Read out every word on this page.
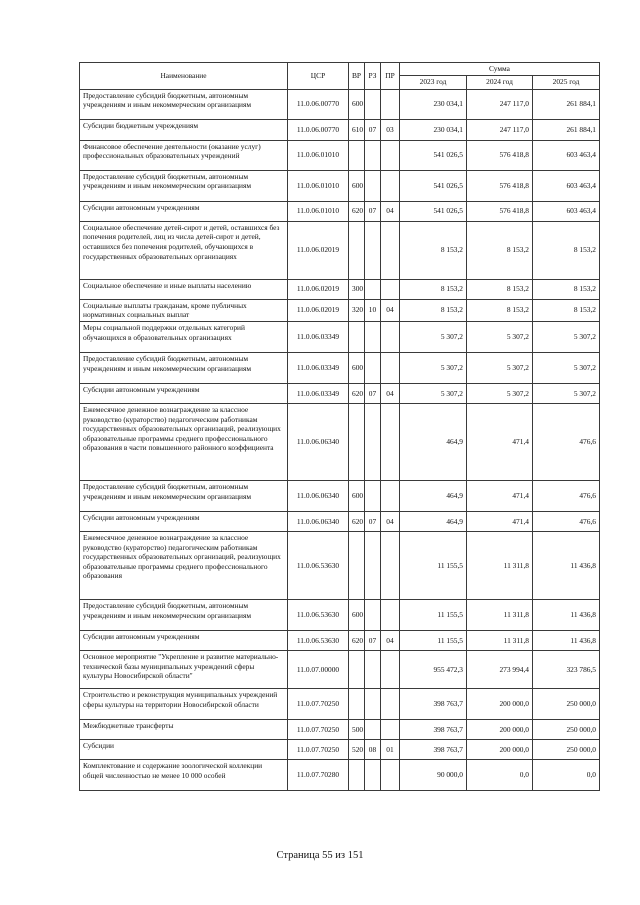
Наименование	ЦСР	ВР	РЗ	ПР	Сумма		
					2023 год	2024 год	2025 год
Предоставление субсидий бюджетным, автономным учреждениям и иным некоммерческим организациям	11.0.06.00770	600			230 034,1	247 117,0	261 884,1
Субсидии бюджетным учреждениям	11.0.06.00770	610	07	03	230 034,1	247 117,0	261 884,1
Финансовое обеспечение деятельности (оказание услуг) профессиональных образовательных учреждений	11.0.06.01010				541 026,5	576 418,8	603 463,4
Предоставление субсидий бюджетным, автономным учреждениям и иным некоммерческим организациям	11.0.06.01010	600			541 026,5	576 418,8	603 463,4
Субсидии автономным учреждениям	11.0.06.01010	620	07	04	541 026,5	576 418,8	603 463,4
Социальное обеспечение детей-сирот и детей, оставшихся без попечения родителей, лиц из числа детей-сирот и детей, оставшихся без попечения родителей, обучающихся в государственных образовательных организациях	11.0.06.02019				8 153,2	8 153,2	8 153,2
Социальное обеспечение и иные выплаты населению	11.0.06.02019	300			8 153,2	8 153,2	8 153,2
Социальные выплаты гражданам, кроме публичных нормативных социальных выплат	11.0.06.02019	320	10	04	8 153,2	8 153,2	8 153,2
Меры социальной поддержки отдельных категорий обучающихся в образовательных организациях	11.0.06.03349				5 307,2	5 307,2	5 307,2
Предоставление субсидий бюджетным, автономным учреждениям и иным некоммерческим организациям	11.0.06.03349	600			5 307,2	5 307,2	5 307,2
Субсидии автономным учреждениям	11.0.06.03349	620	07	04	5 307,2	5 307,2	5 307,2
Ежемесячное денежное вознаграждение за классное руководство (кураторство) педагогическим работникам государственных образовательных организаций, реализующих образовательные программы среднего профессионального образования в части повышенного районного коэффициента	11.0.06.06340				464,9	471,4	476,6
Предоставление субсидий бюджетным, автономным учреждениям и иным некоммерческим организациям	11.0.06.06340	600			464,9	471,4	476,6
Субсидии автономным учреждениям	11.0.06.06340	620	07	04	464,9	471,4	476,6
Ежемесячное денежное вознаграждение за классное руководство (кураторство) педагогическим работникам государственных образовательных организаций, реализующих образовательные программы среднего профессионального образования	11.0.06.53630				11 155,5	11 311,8	11 436,8
Предоставление субсидий бюджетным, автономным учреждениям и иным некоммерческим организациям	11.0.06.53630	600			11 155,5	11 311,8	11 436,8
Субсидии автономным учреждениям	11.0.06.53630	620	07	04	11 155,5	11 311,8	11 436,8
Основное мероприятие "Укрепление и развитие материально-технической базы муниципальных учреждений сферы культуры Новосибирской области"	11.0.07.00000				955 472,3	273 994,4	323 786,5
Строительство и реконструкция муниципальных учреждений сферы культуры на территории Новосибирской области	11.0.07.70250				398 763,7	200 000,0	250 000,0
Межбюджетные трансферты	11.0.07.70250	500			398 763,7	200 000,0	250 000,0
Субсидии	11.0.07.70250	520	08	01	398 763,7	200 000,0	250 000,0
Комплектование и содержание зоологической коллекции общей численностью не менее 10 000 особей	11.0.07.70280				90 000,0	0,0	0,0
Страница 55 из 151
